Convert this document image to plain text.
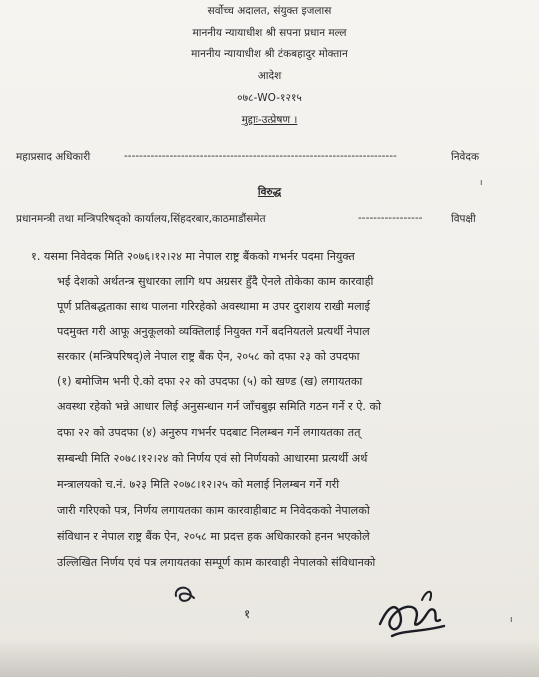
सर्वोच्च अदालत, संयुक्त इजलास
माननीय न्यायाधीश श्री सपना प्रधान मल्ल
माननीय न्यायाधीश श्री टंकबहादुर मोक्तान
आदेश
०७८-WO-१२१५
मुद्दाः-उत्प्रेषण ।
महाप्रसाद अधिकारी	------------------------------------------------------------------------	निवेदक
विरुद्ध
प्रधानमन्त्री तथा मन्त्रिपरिषद्को कार्यालय,सिंहदरबार,काठमाडौंसमेत	-----------------	विपक्षी
१. यसमा निवेदक मिति २०७६।१२।२४ मा नेपाल राष्ट्र बैंकको गभर्नर पदमा नियुक्त
भई देशको अर्थतन्त्र सुधारका लागि थप अग्रसर हुँदै ऐनले तोकेका काम कारवाही
पूर्ण प्रतिबद्धताका साथ पालना गरिरहेको अवस्थामा म उपर दुराशय राखी मलाई
पदमुक्त गरी आफू अनुकूलको व्यक्तिलाई नियुक्त गर्ने बदनियतले प्रत्यर्थी नेपाल
सरकार (मन्त्रिपरिषद्)ले नेपाल राष्ट्र बैंक ऐन, २०५८ को दफा २३ को उपदफा
(१) बमोजिम भनी ऐ.को दफा २२ को उपदफा (५) को खण्ड (ख) लगायतका
अवस्था रहेको भन्ने आधार लिई अनुसन्धान गर्न जाँचबुझ समिति गठन गर्ने र ऐ. को
दफा २२ को उपदफा (४) अनुरुप गभर्नर पदबाट निलम्बन गर्ने लगायतका तत्
सम्बन्धी मिति २०७८।१२।२४ को निर्णय एवं सो निर्णयको आधारमा प्रत्यर्थी अर्थ
मन्त्रालयको च.नं. ७२३ मिति २०७८।१२।२५ को मलाई निलम्बन गर्ने गरी
जारी गरिएको पत्र, निर्णय लगायतका काम कारवाहीबाट म निवेदकको नेपालको
संविधान र नेपाल राष्ट्र बैंक ऐन, २०५८ मा प्रदत्त हक अधिकारको हनन भएकोले
उल्लिखित निर्णय एवं पत्र लगायतका सम्पूर्ण काम कारवाही नेपालको संविधानको
१
ı
ı
